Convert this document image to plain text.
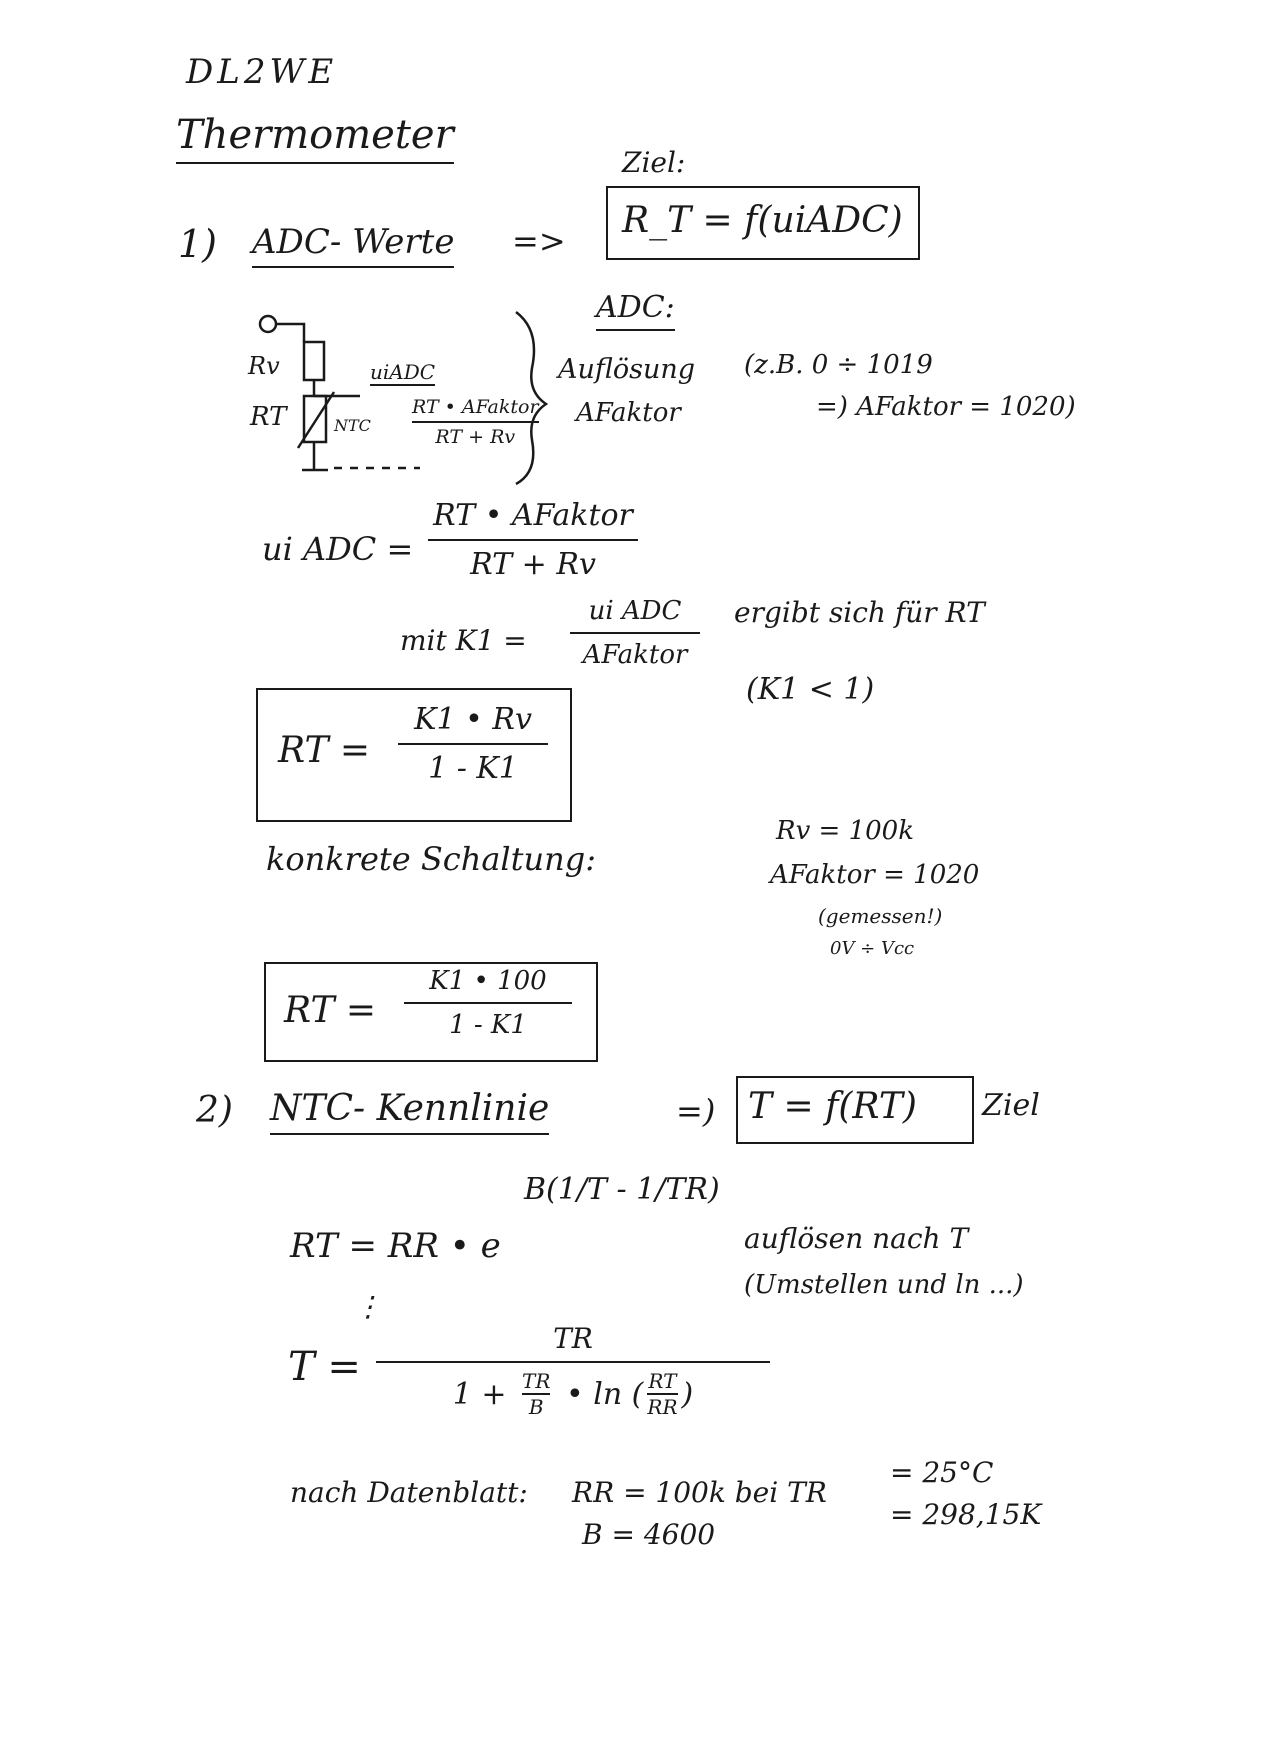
DL2WE
Thermometer
1) ADC- Werte =>
Ziel:
R_T = f(uiADC)
Rv
RT	NTC
uiADC
RT • AFaktor
RT + Rv
ADC:
Auflösung
AFaktor
(z.B. 0 ÷ 1019
=) AFaktor = 1020)
ui ADC =
RT • AFaktor
RT + Rv
mit K1 =
ui ADC
AFaktor
ergibt sich für RT
(K1 < 1)
RT =
K1 • Rv
1 - K1
konkrete Schaltung:
Rv = 100k
AFaktor = 1020
(gemessen!)
0V ÷ Vcc
RT =
K1 • 100
1 - K1
2) NTC- Kennlinie	=) T = f(RT) Ziel
RT = RR • e
B(1/T - 1/TR)
auflösen nach T
(Umstellen und ln ...)
⋮
T =
TR
1 + TR
B • ln ( RT
RR )
nach Datenblatt: RR = 100k bei TR
= 25°C
= 298,15K
B = 4600
